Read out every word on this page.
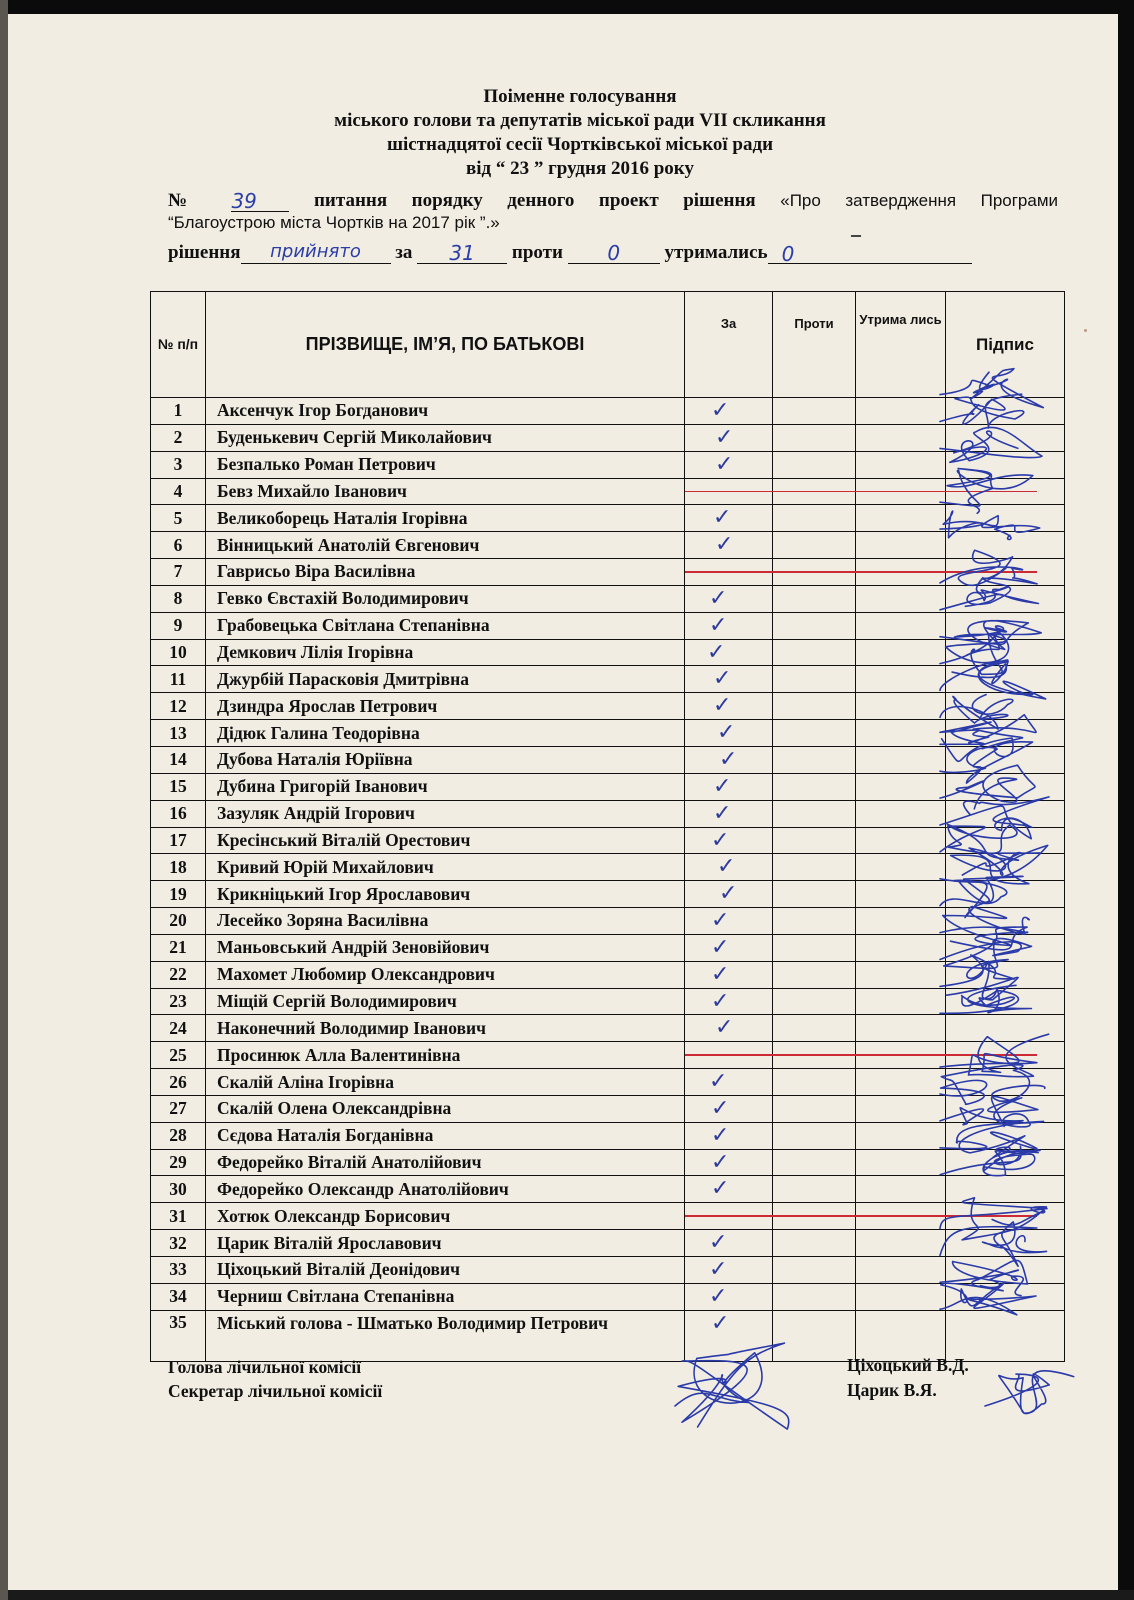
Поіменне голосування
міського голови та депутатів міської ради VII скликання
шістнадцятої сесії Чортківської міської ради
від “ 23 ” грудня 2016 року
№ 39	питання порядку денного проект рішення «Про затвердження Програми
“Благоустрою міста Чортків на 2017 рік ”.»
рішення прийнято за 31 проти 0 утримались 0
№ п/п	ПРІЗВИЩЕ, ІМ’Я, ПО БАТЬКОВІ	За	Проти	Утрима лись	Підпис
1	Аксенчук Ігор Богданович	✓			

2	Буденькевич Сергій Миколайович	✓			

3	Безпалько Роман Петрович	✓			

4	Бевз Михайло Іванович	

5	Великоборець Наталія Ігорівна	✓			

6	Вінницький Анатолій Євгенович	✓			

7	Гаврисьо Віра Василівна	

8	Гевко Євстахій Володимирович	✓			

9	Грабовецька Світлана Степанівна	✓			

10	Демкович Лілія Ігорівна	✓			

11	Джурбій Парасковія Дмитрівна	✓			

12	Дзиндра Ярослав Петрович	✓			

13	Дідюк Галина Теодорівна	✓			

14	Дубова Наталія Юріївна	✓			

15	Дубина Григорій Іванович	✓			

16	Зазуляк Андрій Ігорович	✓			

17	Кресінський Віталій Орестович	✓			

18	Кривий Юрій Михайлович	✓			

19	Крикніцький Ігор Ярославович	✓			

20	Лесейко Зоряна Василівна	✓			

21	Маньовський Андрій Зеновійович	✓			

22	Махомет Любомир Олександрович	✓			

23	Міщій Сергій Володимирович	✓			

24	Наконечний Володимир Іванович	✓			

25	Просинюк Алла Валентинівна	

26	Скалій Аліна Ігорівна	✓			

27	Скалій Олена Олександрівна	✓			

28	Сєдова Наталія Богданівна	✓			

29	Федорейко Віталій Анатолійович	✓			

30	Федорейко Олександр Анатолійович	✓			

31	Хотюк Олександр Борисович	

32	Царик Віталій Ярославович	✓			

33	Ціхоцький Віталій Деонідович	✓			

34	Черниш Світлана Степанівна	✓			

35	Міський голова - Шматько Володимир Петрович	✓			

Голова лічильної комісії
Секретар лічильної комісії
Ціхоцький В.Д.
Царик В.Я.
